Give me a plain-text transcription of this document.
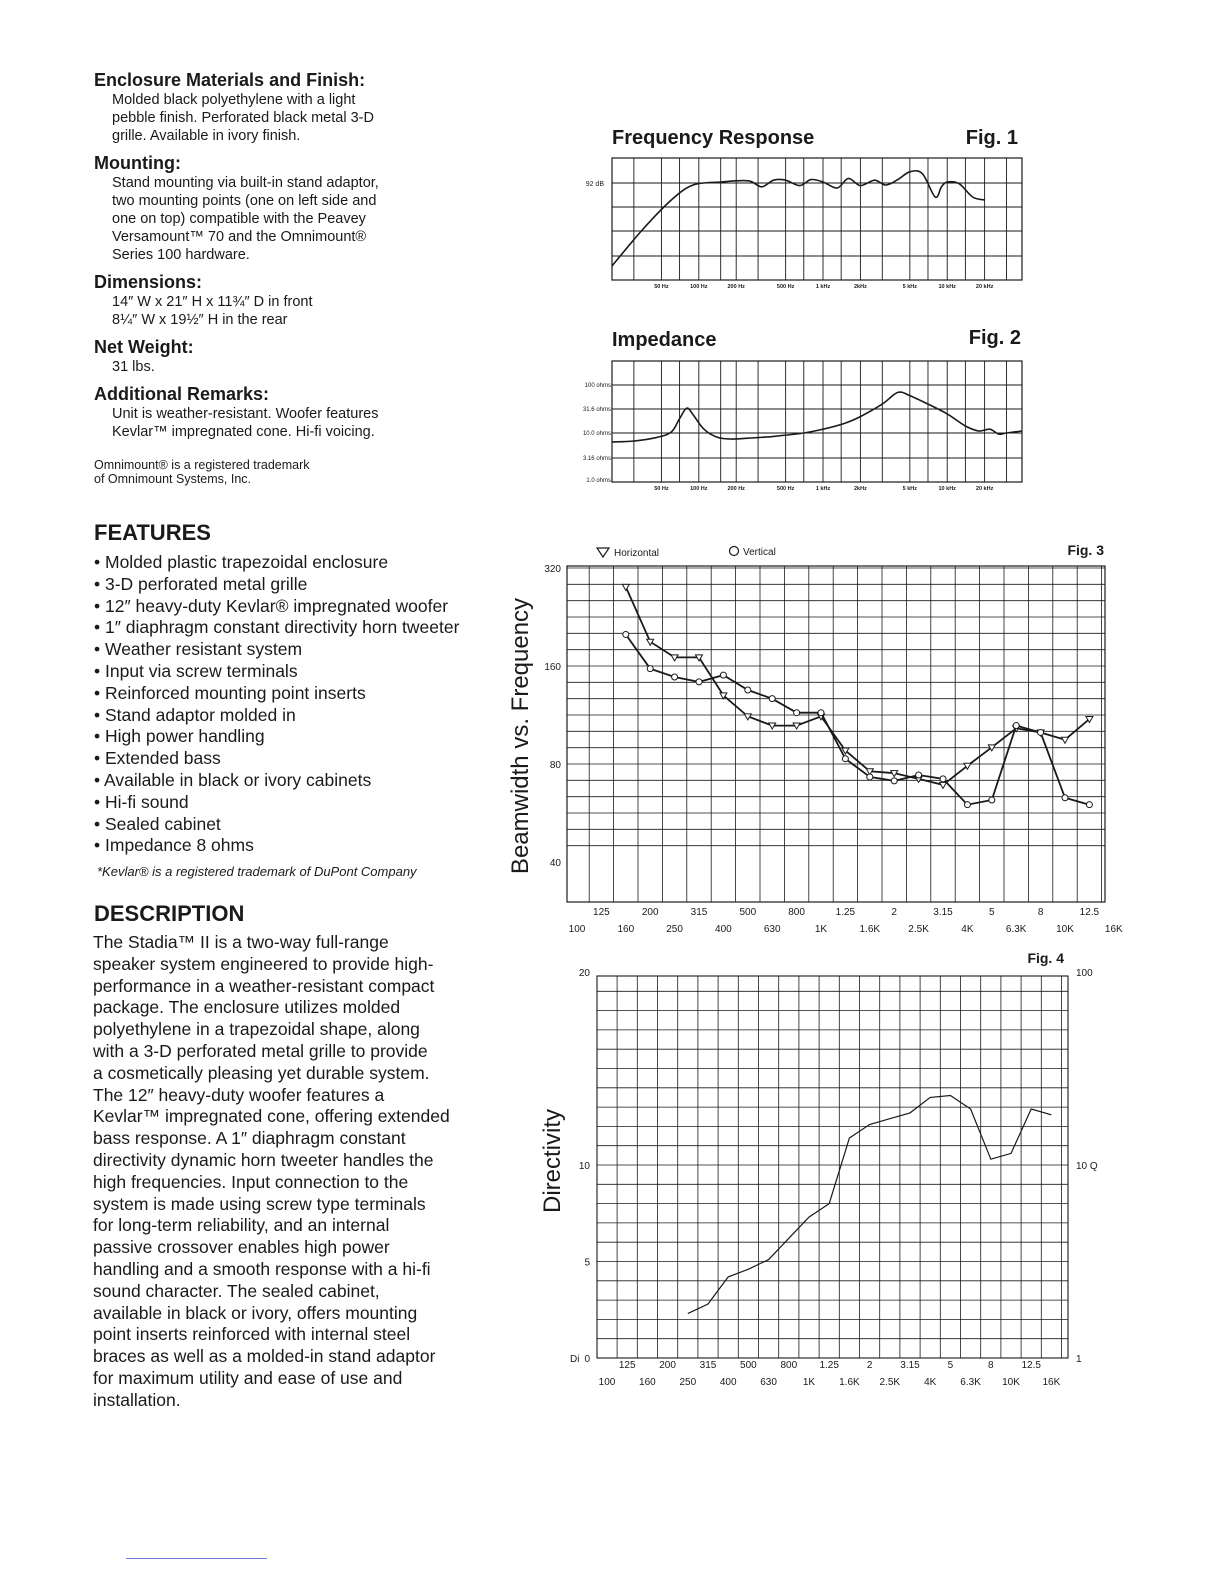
Enclosure Materials and Finish:
Molded black polyethylene with a light
pebble finish. Perforated black metal 3-D
grille. Available in ivory finish.
Mounting:
Stand mounting via built-in stand adaptor,
two mounting points (one on left side and
one on top) compatible with the Peavey
Versamount™ 70 and the Omnimount®
Series 100 hardware.
Dimensions:
14″ W x 21″ H x 11¾″ D in front
8¼″ W x 19½″ H in the rear
Net Weight:
31 lbs.
Additional Remarks:
Unit is weather-resistant. Woofer features
Kevlar™ impregnated cone. Hi-fi voicing.
Omnimount® is a registered trademark
of Omnimount Systems, Inc.
FEATURES
• Molded plastic trapezoidal enclosure
• 3-D perforated metal grille
• 12″ heavy-duty Kevlar® impregnated woofer
• 1″ diaphragm constant directivity horn tweeter
• Weather resistant system
• Input via screw terminals
• Reinforced mounting point inserts
• Stand adaptor molded in
• High power handling
• Extended bass
• Available in black or ivory cabinets
• Hi-fi sound
• Sealed cabinet
• Impedance 8 ohms
*Kevlar® is a registered trademark of DuPont Company
DESCRIPTION
The Stadia™ II is a two-way full-range
speaker system engineered to provide high-
performance in a weather-resistant compact
package. The enclosure utilizes molded
polyethylene in a trapezoidal shape, along
with a 3-D perforated metal grille to provide
a cosmetically pleasing yet durable system.
The 12″ heavy-duty woofer features a
Kevlar™ impregnated cone, offering extended
bass response. A 1″ diaphragm constant
directivity dynamic horn tweeter handles the
high frequencies. Input connection to the
system is made using screw type terminals
for long-term reliability, and an internal
passive crossover enables high power
handling and a smooth response with a hi-fi
sound character. The sealed cabinet,
available in black or ivory, offers mounting
point inserts reinforced with internal steel
braces as well as a molded-in stand adaptor
for maximum utility and ease of use and
installation.
Frequency Response	Fig. 1
92 dB
50 Hz	100 Hz	200 Hz	500 Hz	1 kHz	2kHz	5 kHz	10 kHz	20 kHz
Impedance	Fig. 2
100 ohms
31.6 ohms
10.0 ohms
3.16 ohms
1.0 ohms
50 Hz	100 Hz	200 Hz	500 Hz	1 kHz	2kHz	5 kHz	10 kHz	20 kHz
Beamwidth vs. Frequency
Fig. 3
Horizontal	Vertical
320
160
80
40
125	200	315	500	800	1.25	2	3.15	5	8	12.5
100	160	250	400	630	1K	1.6K	2.5K	4K	6.3K	10K	16K
Directivity
Fig. 4
Di 0
5
10
20	100
10 Q
1
125 200 315 500 800 1.25	2	3.15	5	8	12.5
100 160 250 400 630	1K 1.6K 2.5K 4K 6.3K 10K 16K
